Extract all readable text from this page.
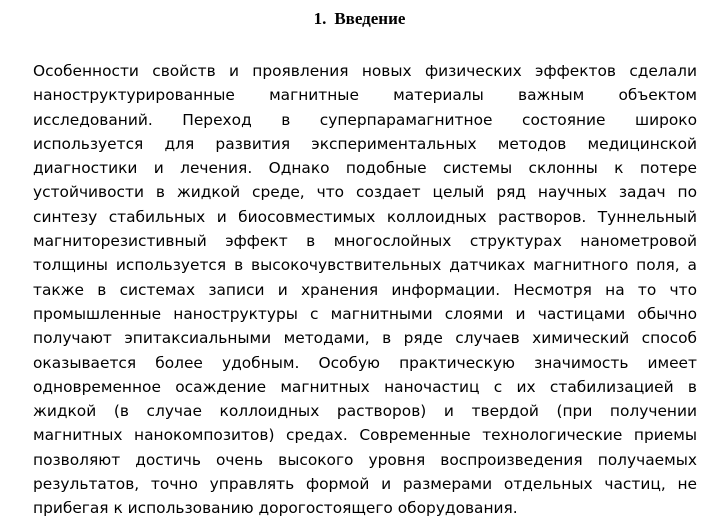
1. Введение

Особенности свойств и проявления новых физических эффектов сделали
наноструктурированные магнитные материалы важным объектом
исследований. Переход в суперпарамагнитное состояние широко
используется для развития экспериментальных методов медицинской
диагностики и лечения. Однако подобные системы склонны к потере
устойчивости в жидкой среде, что создает целый ряд научных задач по
синтезу стабильных и биосовместимых коллоидных растворов. Туннельный
магниторезистивный эффект в многослойных структурах нанометровой
толщины используется в высокочувствительных датчиках магнитного поля, а
также в системах записи и хранения информации. Несмотря на то что
промышленные наноструктуры с магнитными слоями и частицами обычно
получают эпитаксиальными методами, в ряде случаев химический способ
оказывается более удобным. Особую практическую значимость имеет
одновременное осаждение магнитных наночастиц с их стабилизацией в
жидкой (в случае коллоидных растворов) и твердой (при получении
магнитных нанокомпозитов) средах. Современные технологические приемы
позволяют достичь очень высокого уровня воспроизведения получаемых
результатов, точно управлять формой и размерами отдельных частиц, не
прибегая к использованию дорогостоящего оборудования.
